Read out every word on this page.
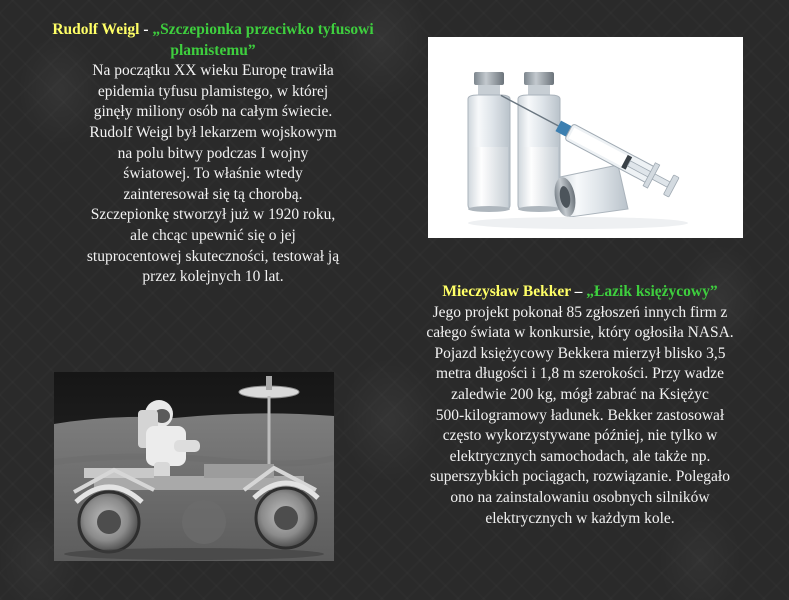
Rudolf Weigl - „Szczepionka przeciwko tyfusowi plamistemu”
Na początku XX wieku Europę trawiła
epidemia tyfusu plamistego, w której
ginęły miliony osób na całym świecie.
Rudolf Weigl był lekarzem wojskowym
na polu bitwy podczas I wojny
światowej. To właśnie wtedy
zainteresował się tą chorobą.
Szczepionkę stworzył już w 1920 roku,
ale chcąc upewnić się o jej
stuprocentowej skuteczności, testował ją
przez kolejnych 10 lat.
Mieczysław Bekker – „Łazik księżycowy”
Jego projekt pokonał 85 zgłoszeń innych firm z
całego świata w konkursie, który ogłosiła NASA.
Pojazd księżycowy Bekkera mierzył blisko 3,5
metra długości i 1,8 m szerokości. Przy wadze
zaledwie 200 kg, mógł zabrać na Księżyc
500-kilogramowy ładunek. Bekker zastosował
często wykorzystywane później, nie tylko w
elektrycznych samochodach, ale także np.
superszybkich pociągach, rozwiązanie. Polegało
ono na zainstalowaniu osobnych silników
elektrycznych w każdym kole.
